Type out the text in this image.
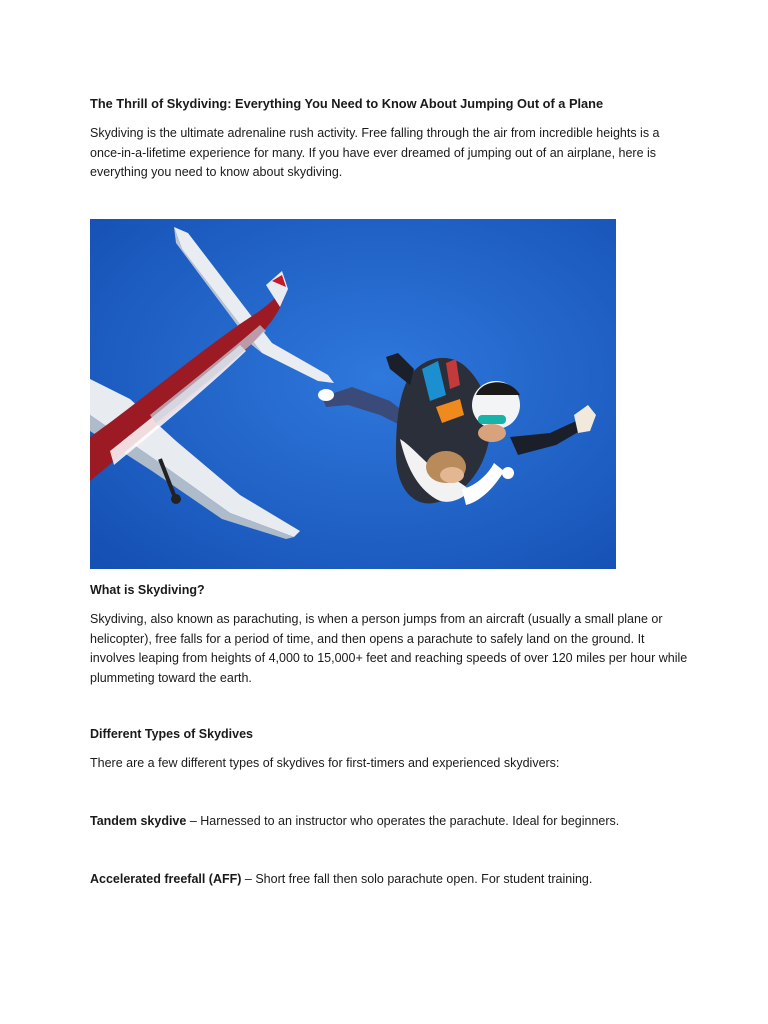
The Thrill of Skydiving: Everything You Need to Know About Jumping Out of a Plane

Skydiving is the ultimate adrenaline rush activity. Free falling through the air from incredible heights is a once-in-a-lifetime experience for many. If you have ever dreamed of jumping out of an airplane, here is everything you need to know about skydiving.

What is Skydiving?

Skydiving, also known as parachuting, is when a person jumps from an aircraft (usually a small plane or helicopter), free falls for a period of time, and then opens a parachute to safely land on the ground. It involves leaping from heights of 4,000 to 15,000+ feet and reaching speeds of over 120 miles per hour while plummeting toward the earth.

Different Types of Skydives

There are a few different types of skydives for first-timers and experienced skydivers:

Tandem skydive – Harnessed to an instructor who operates the parachute. Ideal for beginners.

Accelerated freefall (AFF) – Short free fall then solo parachute open. For student training.
